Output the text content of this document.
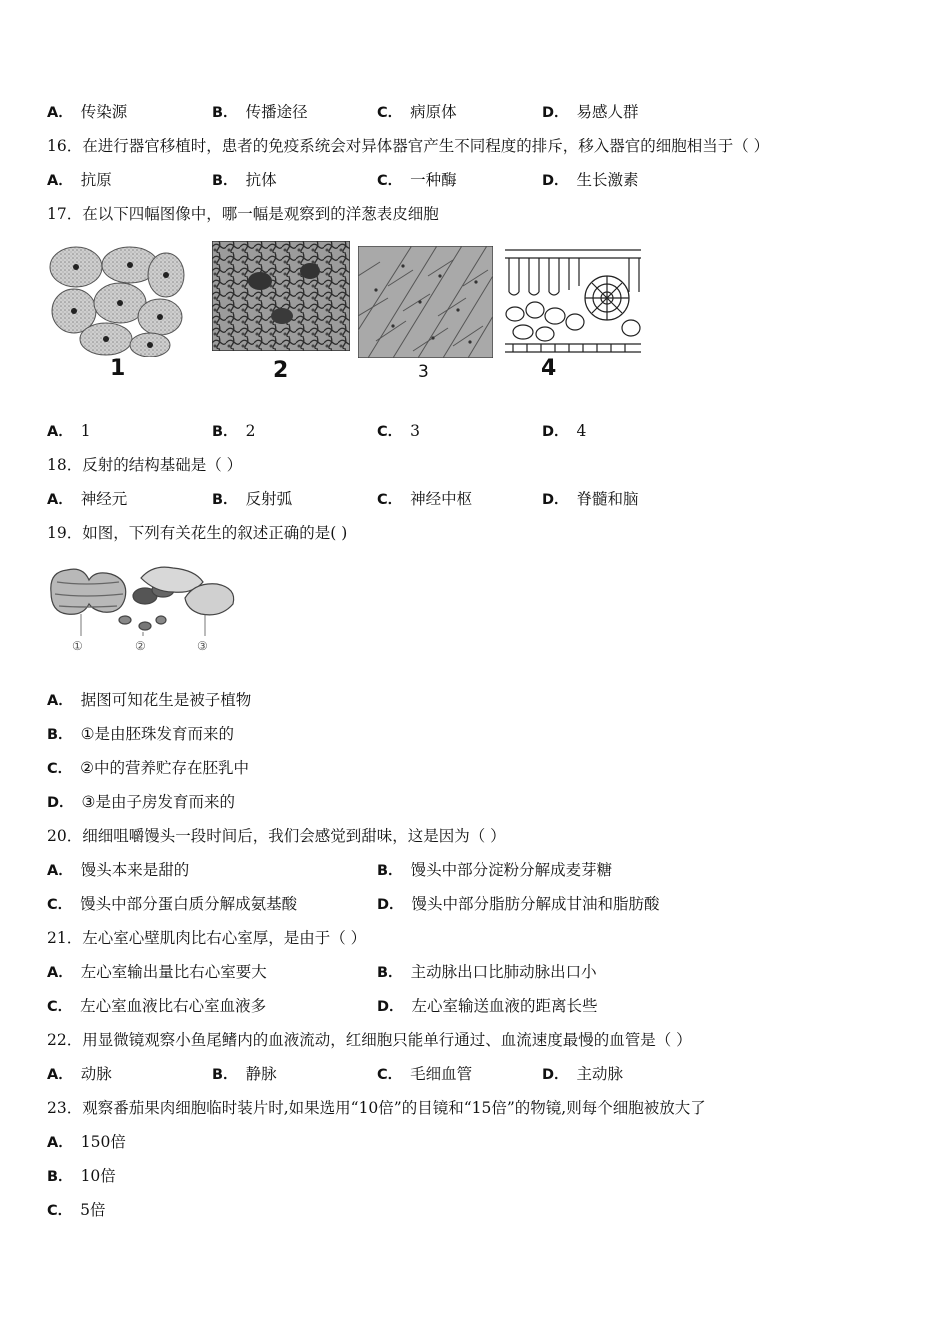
A． 传染源	B． 传播途径	C． 病原体	D． 易感人群
16．在进行器官移植时，患者的免疫系统会对异体器官产生不同程度的排斥，移入器官的细胞相当于（ ）
A． 抗原	B． 抗体	C． 一种酶	D． 生长激素
17．在以下四幅图像中，哪一幅是观察到的洋葱表皮细胞
1	2	3	4
A． 1	B． 2	C． 3	D． 4
18．反射的结构基础是（ ）
A． 神经元	B． 反射弧	C． 神经中枢	D． 脊髓和脑
19．如图，下列有关花生的叙述正确的是( )
①	②	③
A． 据图可知花生是被子植物
B． ①是由胚珠发育而来的
C． ②中的营养贮存在胚乳中
D． ③是由子房发育而来的
20．细细咀嚼馒头一段时间后，我们会感觉到甜味，这是因为（ ）
A． 馒头本来是甜的	B． 馒头中部分淀粉分解成麦芽糖
C． 馒头中部分蛋白质分解成氨基酸	D． 馒头中部分脂肪分解成甘油和脂肪酸
21．左心室心壁肌肉比右心室厚，是由于（ ）
A． 左心室输出量比右心室要大	B． 主动脉出口比肺动脉出口小
C． 左心室血液比右心室血液多	D． 左心室输送血液的距离长些
22．用显微镜观察小鱼尾鳍内的血液流动，红细胞只能单行通过、血流速度最慢的血管是（ ）
A． 动脉	B． 静脉	C． 毛细血管	D． 主动脉
23．观察番茄果肉细胞临时装片时,如果选用“10倍”的目镜和“15倍”的物镜,则每个细胞被放大了
A． 150倍
B． 10倍
C． 5倍
